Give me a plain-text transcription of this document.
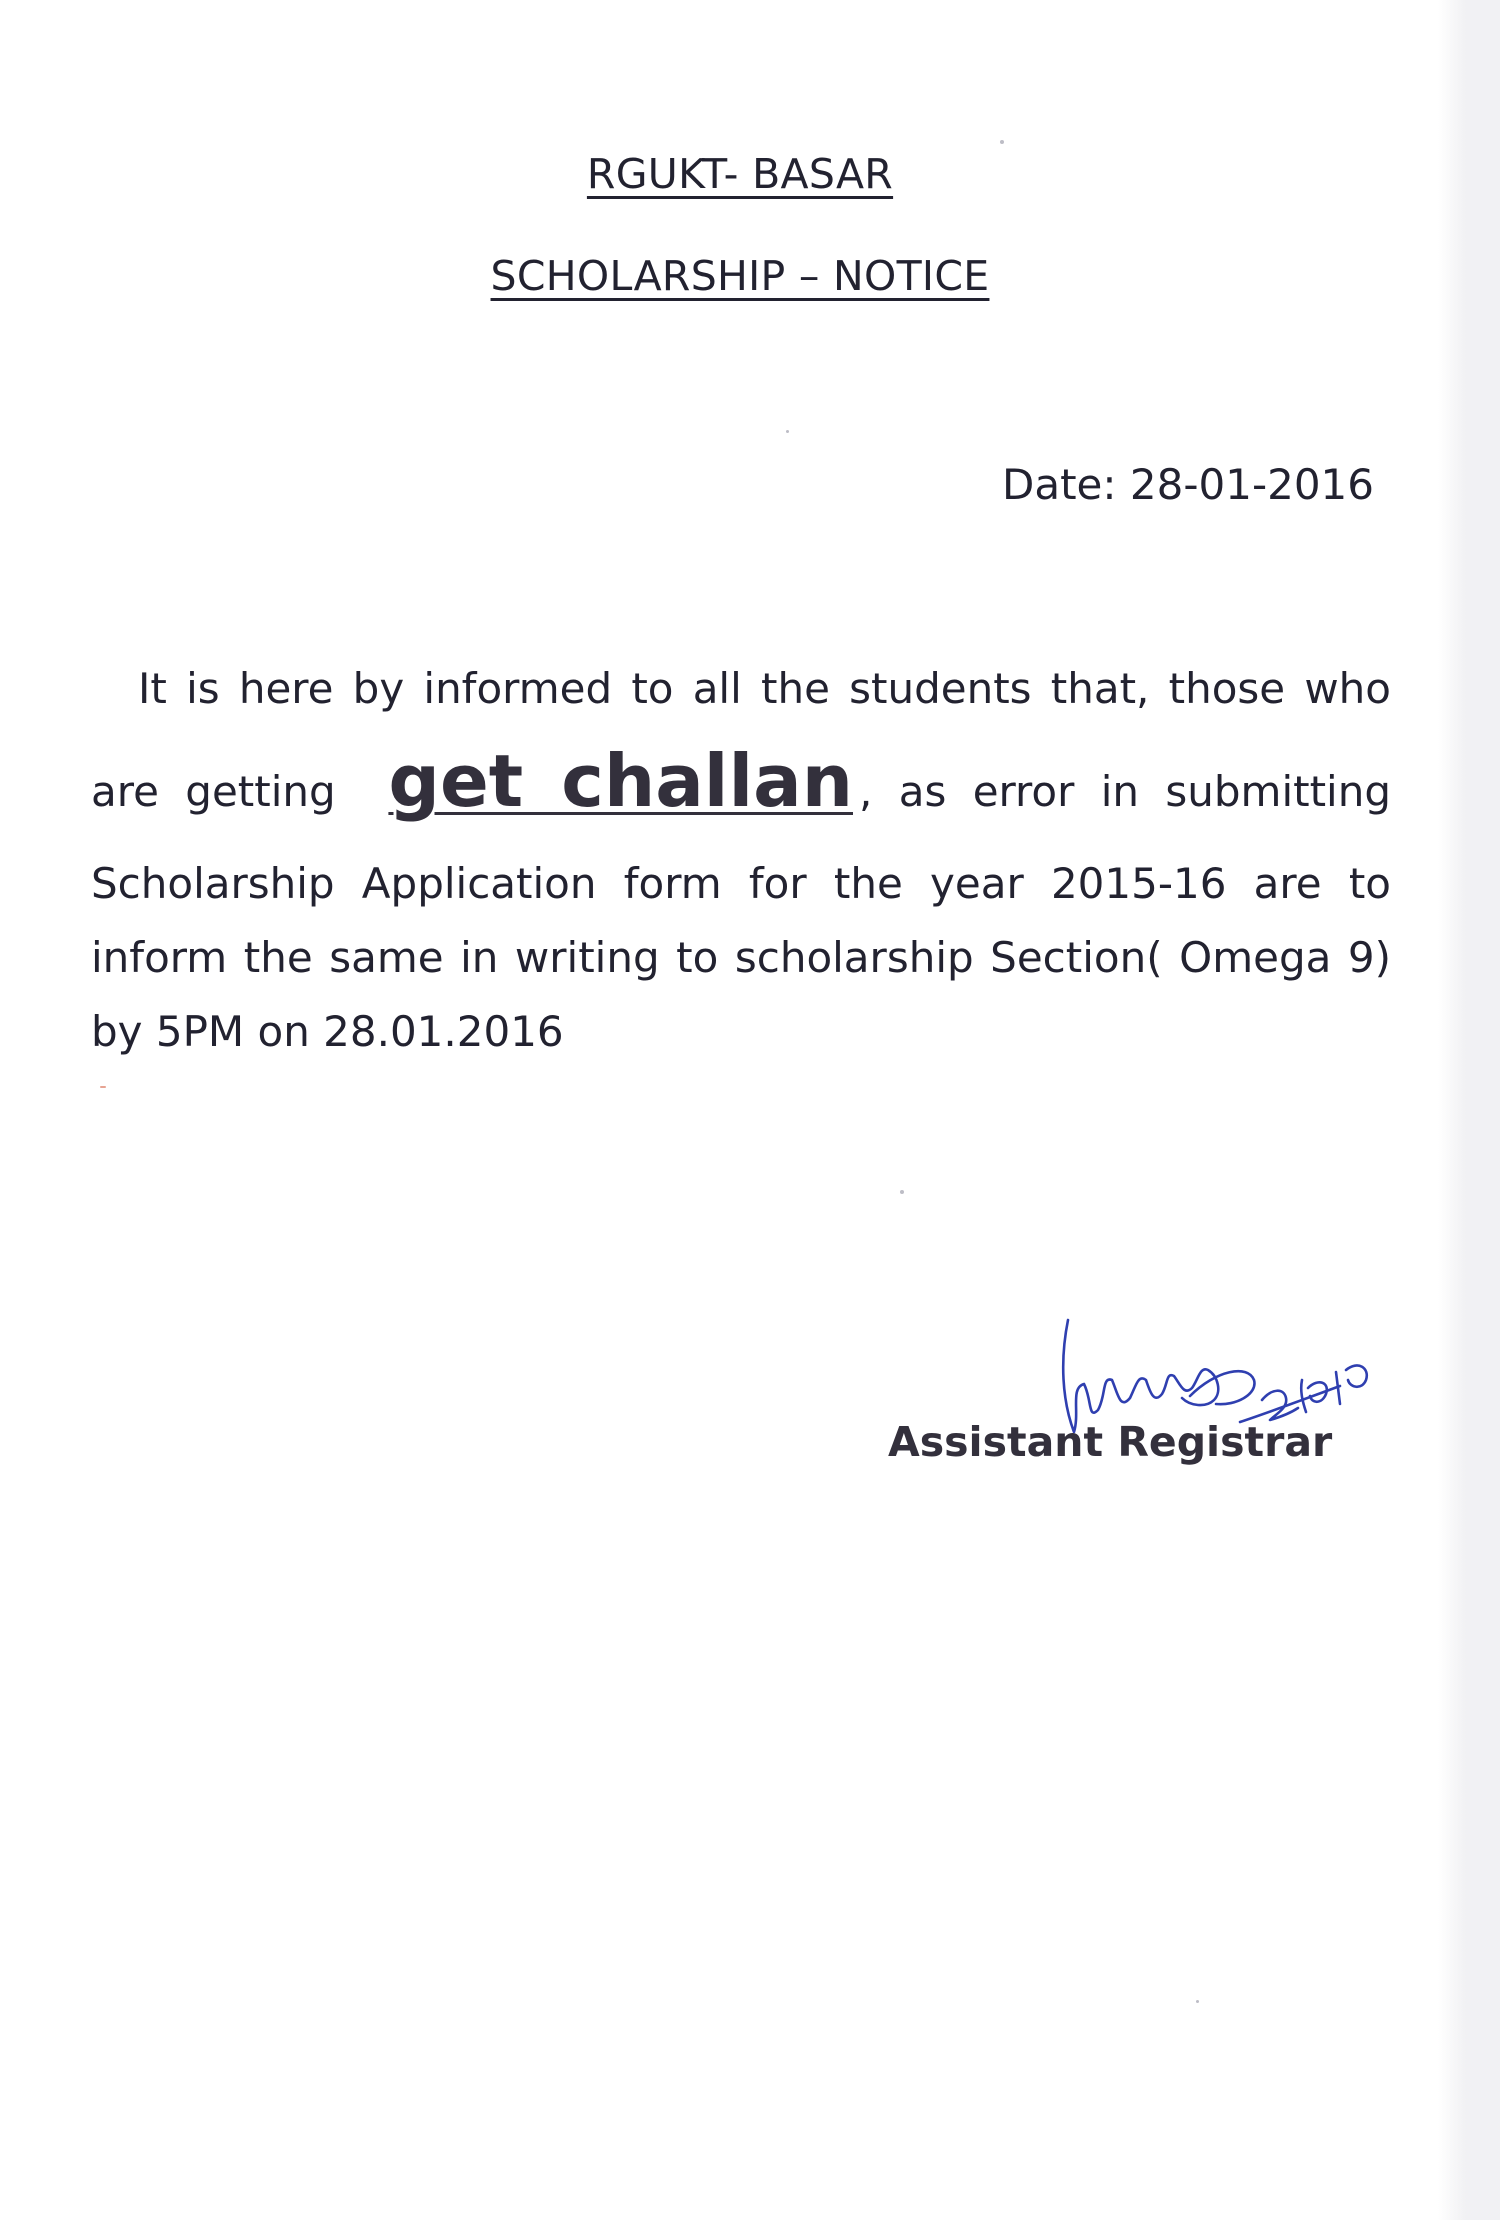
RGUKT- BASAR
SCHOLARSHIP – NOTICE
Date: 28-01-2016
It is here by informed to all the students that, those who
are getting get challan , as error in submitting
Scholarship Application form for the year 2015-16 are to
inform the same in writing to scholarship Section( Omega 9)
by 5PM on 28.01.2016
Assistant Registrar
